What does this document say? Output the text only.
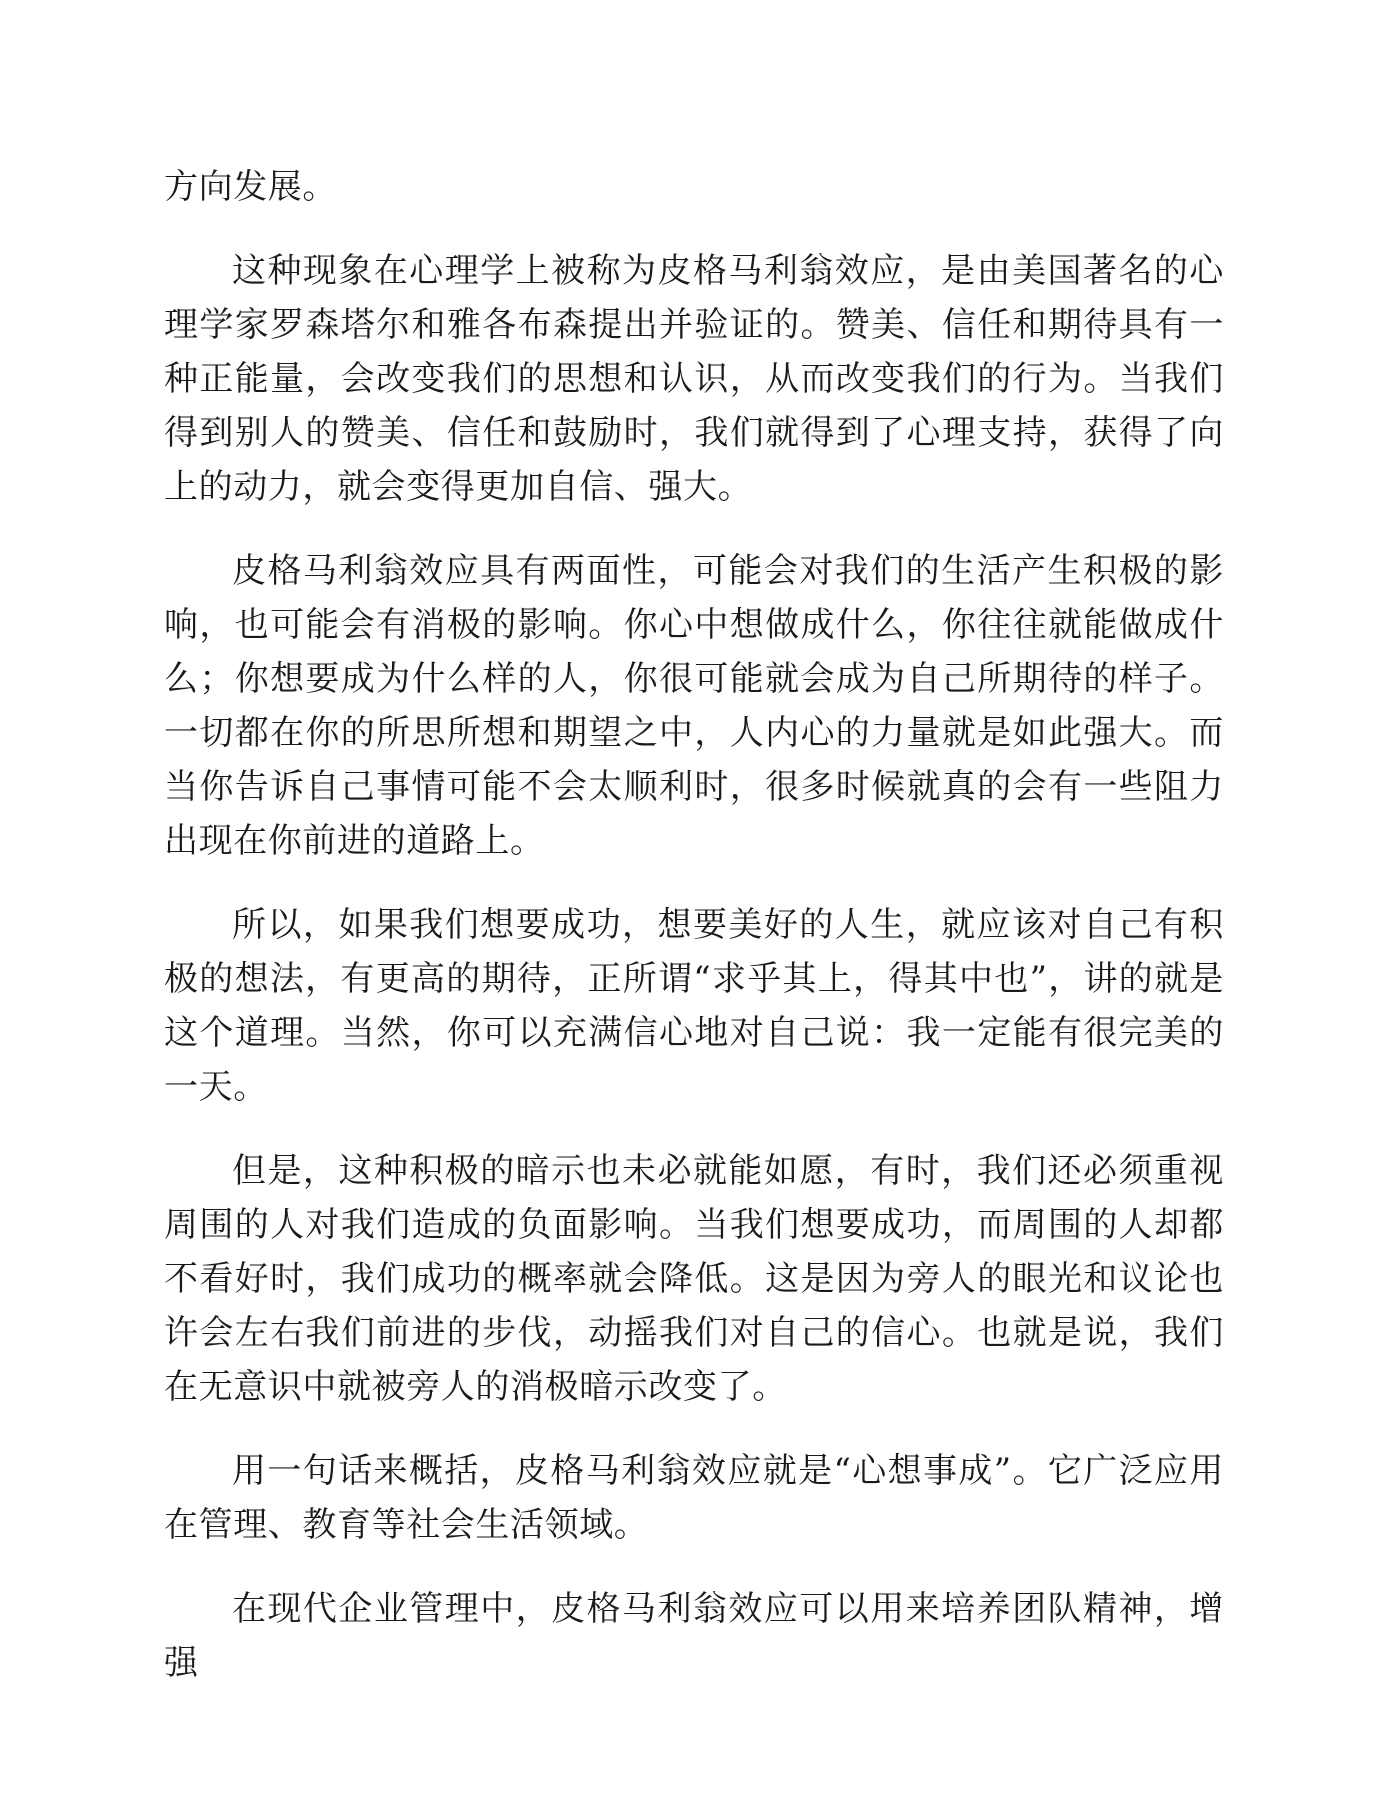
方向发展。

这种现象在心理学上被称为皮格马利翁效应，是由美国著名的心理学家罗森塔尔和雅各布森提出并验证的。赞美、信任和期待具有一种正能量，会改变我们的思想和认识，从而改变我们的行为。当我们得到别人的赞美、信任和鼓励时，我们就得到了心理支持，获得了向上的动力，就会变得更加自信、强大。

皮格马利翁效应具有两面性，可能会对我们的生活产生积极的影响，也可能会有消极的影响。你心中想做成什么，你往往就能做成什么；你想要成为什么样的人，你很可能就会成为自己所期待的样子。一切都在你的所思所想和期望之中，人内心的力量就是如此强大。而当你告诉自己事情可能不会太顺利时，很多时候就真的会有一些阻力出现在你前进的道路上。

所以，如果我们想要成功，想要美好的人生，就应该对自己有积极的想法，有更高的期待，正所谓“求乎其上，得其中也”，讲的就是这个道理。当然，你可以充满信心地对自己说：我一定能有很完美的一天。

但是，这种积极的暗示也未必就能如愿，有时，我们还必须重视周围的人对我们造成的负面影响。当我们想要成功，而周围的人却都不看好时，我们成功的概率就会降低。这是因为旁人的眼光和议论也许会左右我们前进的步伐，动摇我们对自己的信心。也就是说，我们在无意识中就被旁人的消极暗示改变了。

用一句话来概括，皮格马利翁效应就是“心想事成”。它广泛应用在管理、教育等社会生活领域。

在现代企业管理中，皮格马利翁效应可以用来培养团队精神，增强
